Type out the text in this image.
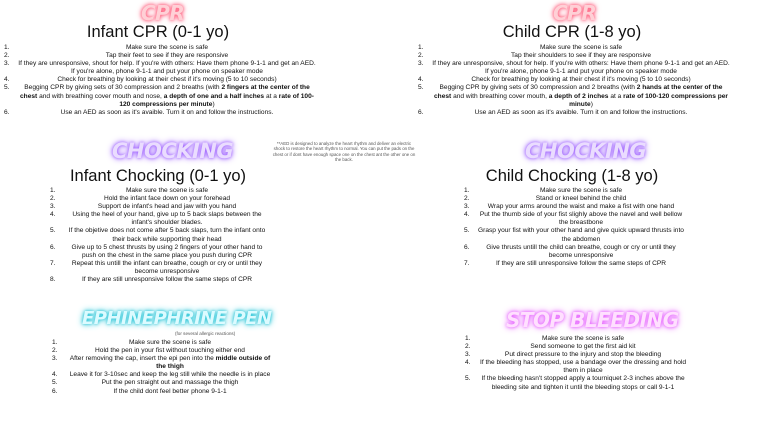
CPR
Infant CPR (0-1 yo)
1.	Make sure the scene is safe
2.	Tap their feet to see if they are responsive
3. If they are unresponsive, shout for help. If you're with others: Have them phone 9-1-1 and get an AED. If you're alone, phone 9-1-1 and put your phone on speaker mode
4.	Check for breathing by looking at their chest if it's moving (5 to 10 seconds)
5. Begging CPR by giving sets of 30 compression and 2 breaths (with 2 fingers at the center of the chest and with breathing cover mouth and nose, a depth of one and a half inches at a rate of 100-120 compressions per minute)
6.	Use an AED as soon as it's avaible. Turn it on and follow the instructions.
CPR
Child CPR (1-8 yo)
1.	Make sure the scene is safe
2.	Tap their shoulders to see if they are responsive
3. If they are unresponsive, shout for help. If you're with others: Have them phone 9-1-1 and get an AED. If you're alone, phone 9-1-1 and put your phone on speaker mode
4.	Check for breathing by looking at their chest if it's moving (5 to 10 seconds)
5. Begging CPR by giving sets of 30 compression and 2 breaths (with 2 hands at the center of the chest and with breathing cover mouth, a depth of 2 inches at a rate of 100-120 compressions per minute)
6.	Use an AED as soon as it's avaible. Turn it on and follow the instructions.
**AED is designed to analyze the heart rhythm and deliver an electric shock to restore the heart rhythm to normal. You can put the pads on the chest or if dont have enough space one on the chest ant the other one on the back.
CHOCKING
Infant Chocking (0-1 yo)
1.	Make sure the scene is safe
2.	Hold the infant face down on your forehead
3.	Support de infant's head and jaw with you hand
4.	Using the heel of your hand, give up to 5 back slaps between the infant's shoulder blades.
5. If the objetive does not come after 5 back slaps, turn the infant onto their back while supporting their head
6. Give up to 5 chest thrusts by using 2 fingers of your other hand to push on the chest in the same place you push during CPR
7. Repeat this untill the infant can breathe, cough or cry or until they become unresponsive
8.	If they are still unresponsive follow the same steps of CPR
CHOCKING
Child Chocking (1-8 yo)
1.	Make sure the scene is safe
2.	Stand or kneel behind the child
3.	Wrap your arms around the waist and make a fist with one hand
4. Put the thumb side of your fist slighly above the navel and well bellow the breastbone
5. Grasp your fist with your other hand and give quick upward thrusts into the abdomen
6.	Give thrusts untill the child can breathe, cough or cry or until they become unresponsive
7.	If they are still unresponsive follow the same steps of CPR
EPHINEPHRINE PEN
(for several allergic reactions)
1.	Make sure the scene is safe
2.	Hold the pen in your fist without touching either end
3. After removing the cap, insert the epi pen into the middle outside of the thigh
4. Leave it for 3-10sec and keep the leg still while the needle is in place
5.	Put the pen straight out and massage the thigh
6.	If the child dont feel better phone 9-1-1
STOP BLEEDING
1.	Make sure the scene is safe
2.	Send someone to get the first aid kit
3.	Put direct pressure to the injury and stop the bleeding
4. If the bleeding has stopped, use a bandage over the dressing and hold them in place
5. If the bleeding hasn't stopped apply a tourniquet 2-3 inches above the bleeding site and tighten it until the bleeding stops or call 9-1-1
